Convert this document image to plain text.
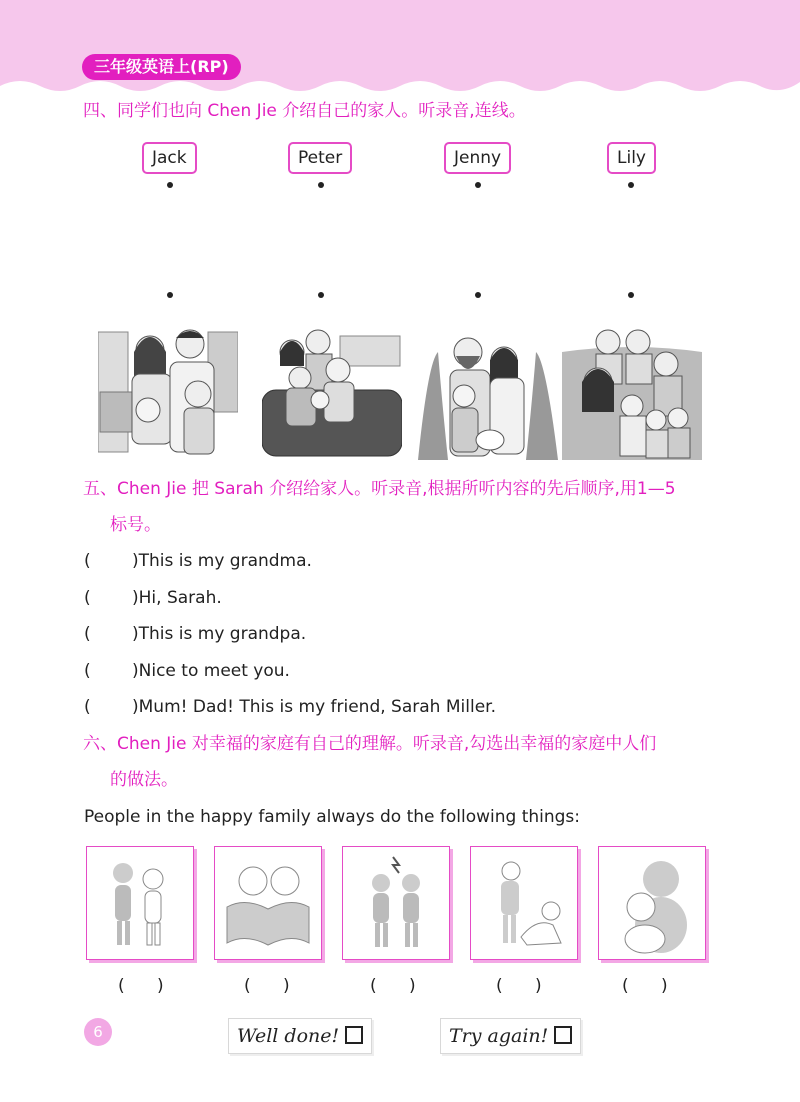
三年级英语上(RP)
四、同学们也向 Chen Jie 介绍自己的家人。听录音,连线。
Jack	Peter	Jenny	Lily
五、Chen Jie 把 Sarah 介绍给家人。听录音,根据所听内容的先后顺序,用1—5
标号。
( )This is my grandma.
( )Hi, Sarah.
( )This is my grandpa.
( )Nice to meet you.
( )Mum! Dad! This is my friend, Sarah Miller.
六、Chen Jie 对幸福的家庭有自己的理解。听录音,勾选出幸福的家庭中人们
的做法。
People in the happy family always do the following things:
(      )	(      )	(      )	(      )	(      )
6	Well done!	Try again!
